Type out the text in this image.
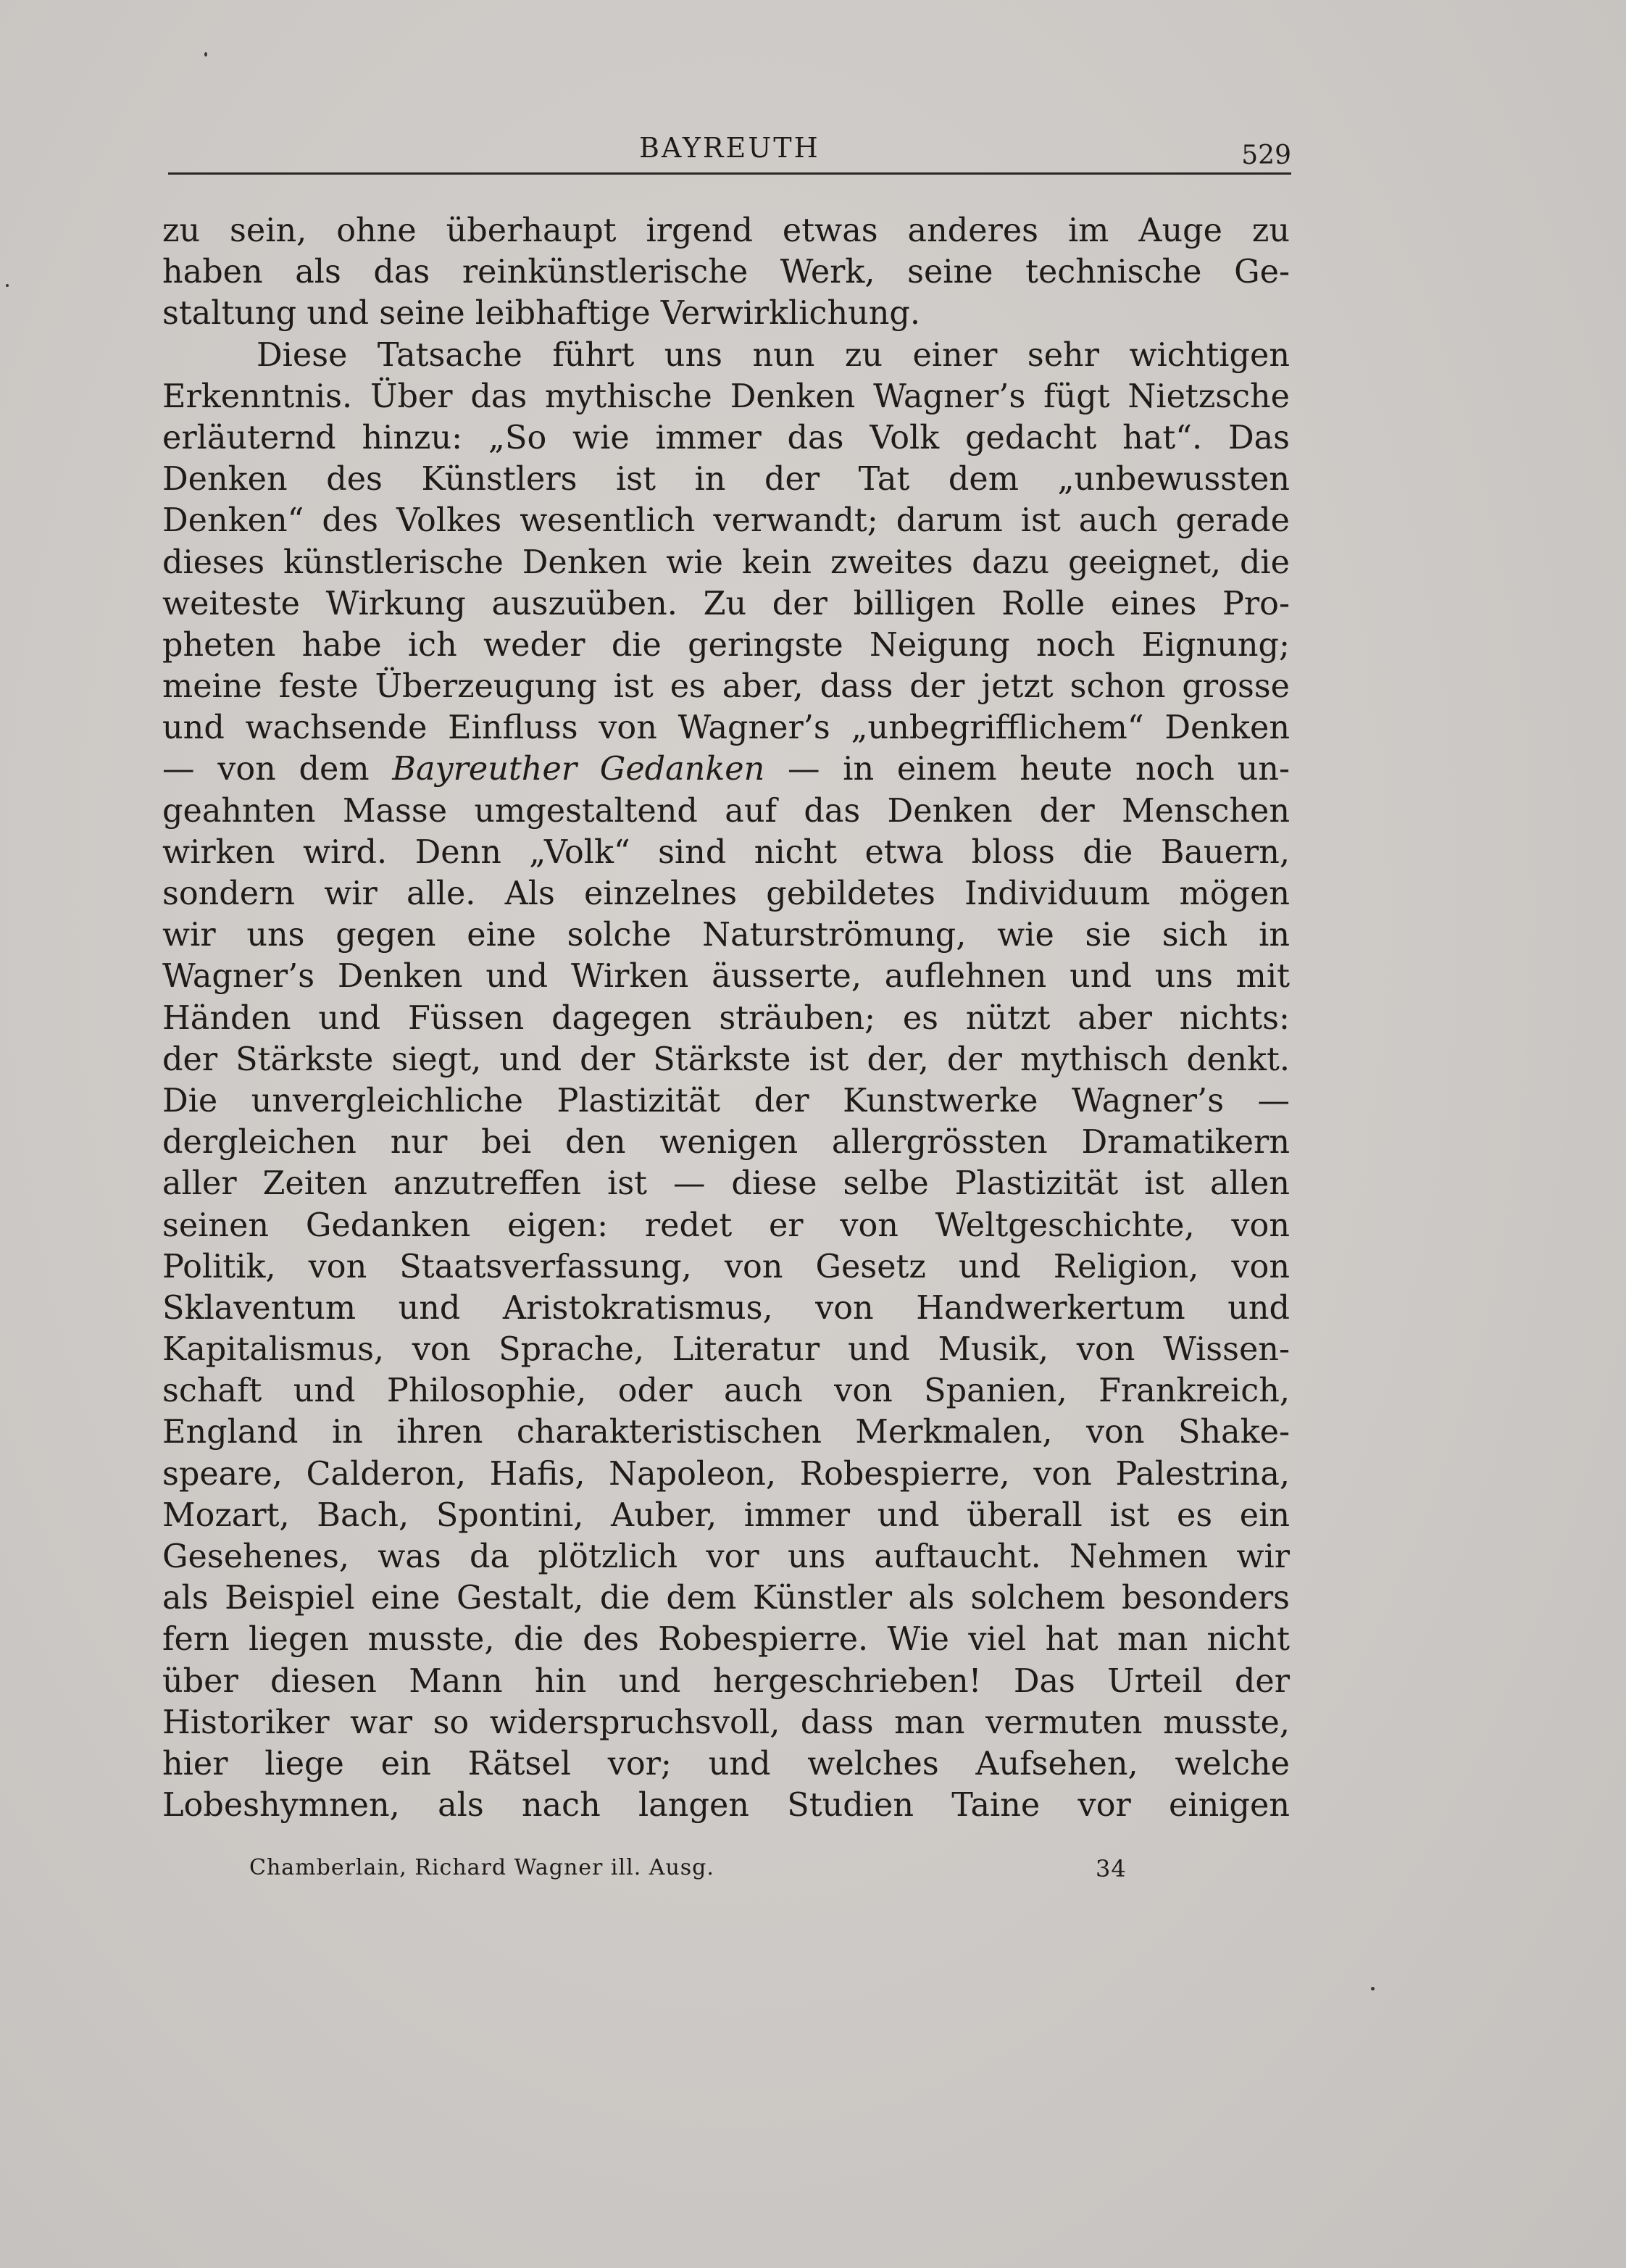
BAYREUTH	529
zu sein, ohne überhaupt irgend etwas anderes im Auge zu
haben als das reinkünstlerische Werk, seine technische Ge-
staltung und seine leibhaftige Verwirklichung.
Diese Tatsache führt uns nun zu einer sehr wichtigen
Erkenntnis. Über das mythische Denken Wagner’s fügt Nietzsche
erläuternd hinzu: „So wie immer das Volk gedacht hat“. Das
Denken des Künstlers ist in der Tat dem „unbewussten
Denken“ des Volkes wesentlich verwandt; darum ist auch gerade
dieses künstlerische Denken wie kein zweites dazu geeignet, die
weiteste Wirkung auszuüben. Zu der billigen Rolle eines Pro-
pheten habe ich weder die geringste Neigung noch Eignung;
meine feste Überzeugung ist es aber, dass der jetzt schon grosse
und wachsende Einfluss von Wagner’s „unbegrifflichem“ Denken
— von dem Bayreuther Gedanken — in einem heute noch un-
geahnten Masse umgestaltend auf das Denken der Menschen
wirken wird. Denn „Volk“ sind nicht etwa bloss die Bauern,
sondern wir alle. Als einzelnes gebildetes Individuum mögen
wir uns gegen eine solche Naturströmung, wie sie sich in
Wagner’s Denken und Wirken äusserte, auflehnen und uns mit
Händen und Füssen dagegen sträuben; es nützt aber nichts:
der Stärkste siegt, und der Stärkste ist der, der mythisch denkt.
Die unvergleichliche Plastizität der Kunstwerke Wagner’s —
dergleichen nur bei den wenigen allergrössten Dramatikern
aller Zeiten anzutreffen ist — diese selbe Plastizität ist allen
seinen Gedanken eigen: redet er von Weltgeschichte, von
Politik, von Staatsverfassung, von Gesetz und Religion, von
Sklaventum und Aristokratismus, von Handwerkertum und
Kapitalismus, von Sprache, Literatur und Musik, von Wissen-
schaft und Philosophie, oder auch von Spanien, Frankreich,
England in ihren charakteristischen Merkmalen, von Shake-
speare, Calderon, Hafis, Napoleon, Robespierre, von Palestrina,
Mozart, Bach, Spontini, Auber, immer und überall ist es ein
Gesehenes, was da plötzlich vor uns auftaucht. Nehmen wir
als Beispiel eine Gestalt, die dem Künstler als solchem besonders
fern liegen musste, die des Robespierre. Wie viel hat man nicht
über diesen Mann hin und hergeschrieben! Das Urteil der
Historiker war so widerspruchsvoll, dass man vermuten musste,
hier liege ein Rätsel vor; und welches Aufsehen, welche
Lobeshymnen, als nach langen Studien Taine vor einigen
Chamberlain, Richard Wagner ill. Ausg.	34
